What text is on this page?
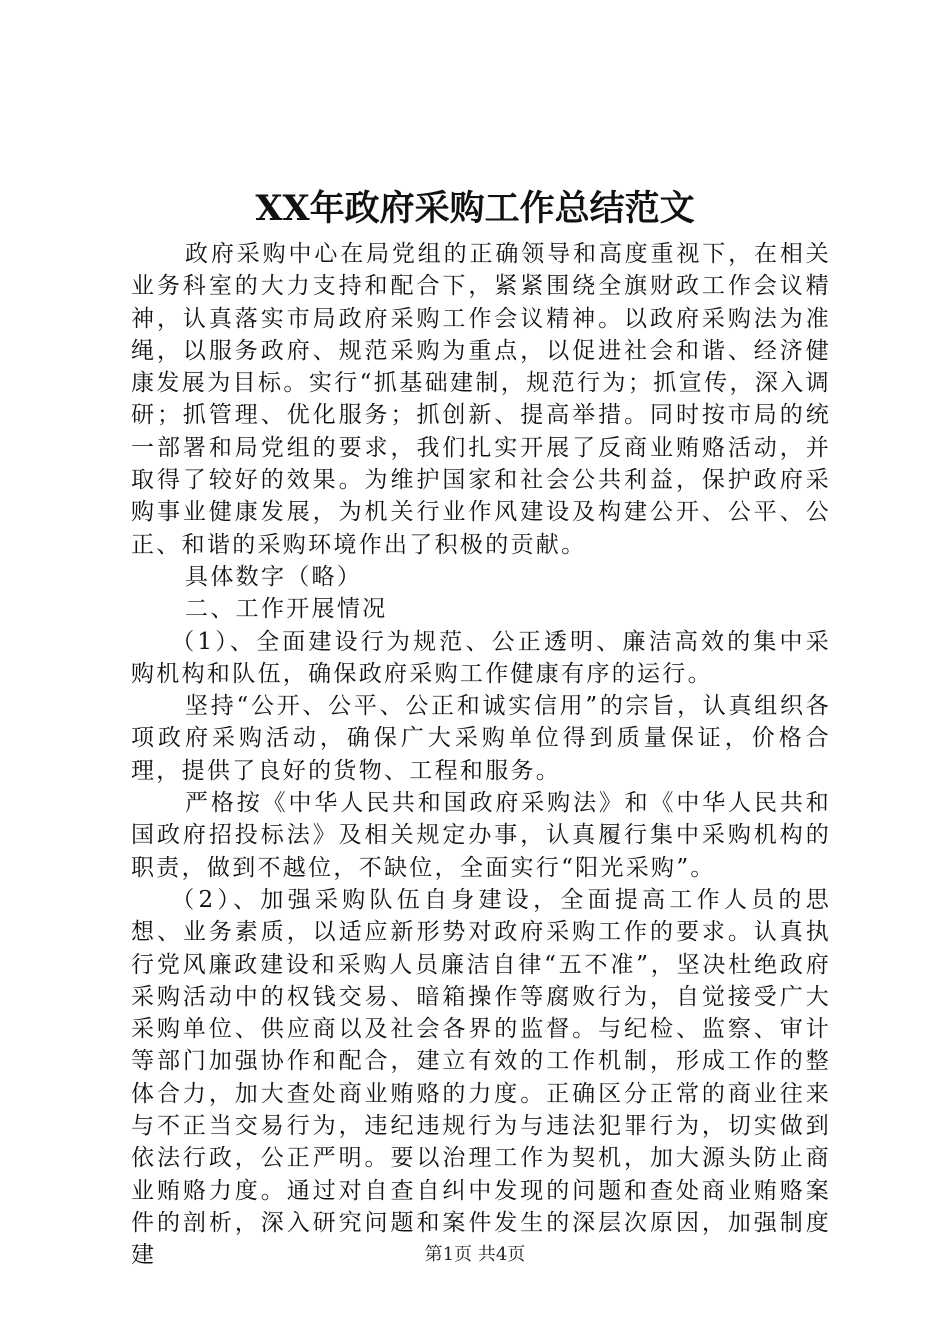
XX年政府采购工作总结范文

政府采购中心在局党组的正确领导和高度重视下，在相关业务科室的大力支持和配合下，紧紧围绕全旗财政工作会议精神，认真落实市局政府采购工作会议精神。以政府采购法为准绳，以服务政府、规范采购为重点，以促进社会和谐、经济健康发展为目标。实行“抓基础建制，规范行为；抓宣传，深入调研；抓管理、优化服务；抓创新、提高举措。同时按市局的统一部署和局党组的要求，我们扎实开展了反商业贿赂活动，并取得了较好的效果。为维护国家和社会公共利益，保护政府采购事业健康发展，为机关行业作风建设及构建公开、公平、公正、和谐的采购环境作出了积极的贡献。

具体数字（略）

二、工作开展情况

（1）、全面建设行为规范、公正透明、廉洁高效的集中采购机构和队伍，确保政府采购工作健康有序的运行。

坚持“公开、公平、公正和诚实信用”的宗旨，认真组织各项政府采购活动，确保广大采购单位得到质量保证，价格合理，提供了良好的货物、工程和服务。

严格按《中华人民共和国政府采购法》和《中华人民共和国政府招投标法》及相关规定办事，认真履行集中采购机构的职责，做到不越位，不缺位，全面实行“阳光采购”。

（2）、加强采购队伍自身建设，全面提高工作人员的思想、业务素质，以适应新形势对政府采购工作的要求。认真执行党风廉政建设和采购人员廉洁自律“五不准”，坚决杜绝政府采购活动中的权钱交易、暗箱操作等腐败行为，自觉接受广大采购单位、供应商以及社会各界的监督。与纪检、监察、审计等部门加强协作和配合，建立有效的工作机制，形成工作的整体合力，加大查处商业贿赂的力度。正确区分正常的商业往来与不正当交易行为，违纪违规行为与违法犯罪行为，切实做到依法行政，公正严明。要以治理工作为契机，加大源头防止商业贿赂力度。通过对自查自纠中发现的问题和查处商业贿赂案件的剖析，深入研究问题和案件发生的深层次原因，加强制度建	第1页 共4页
